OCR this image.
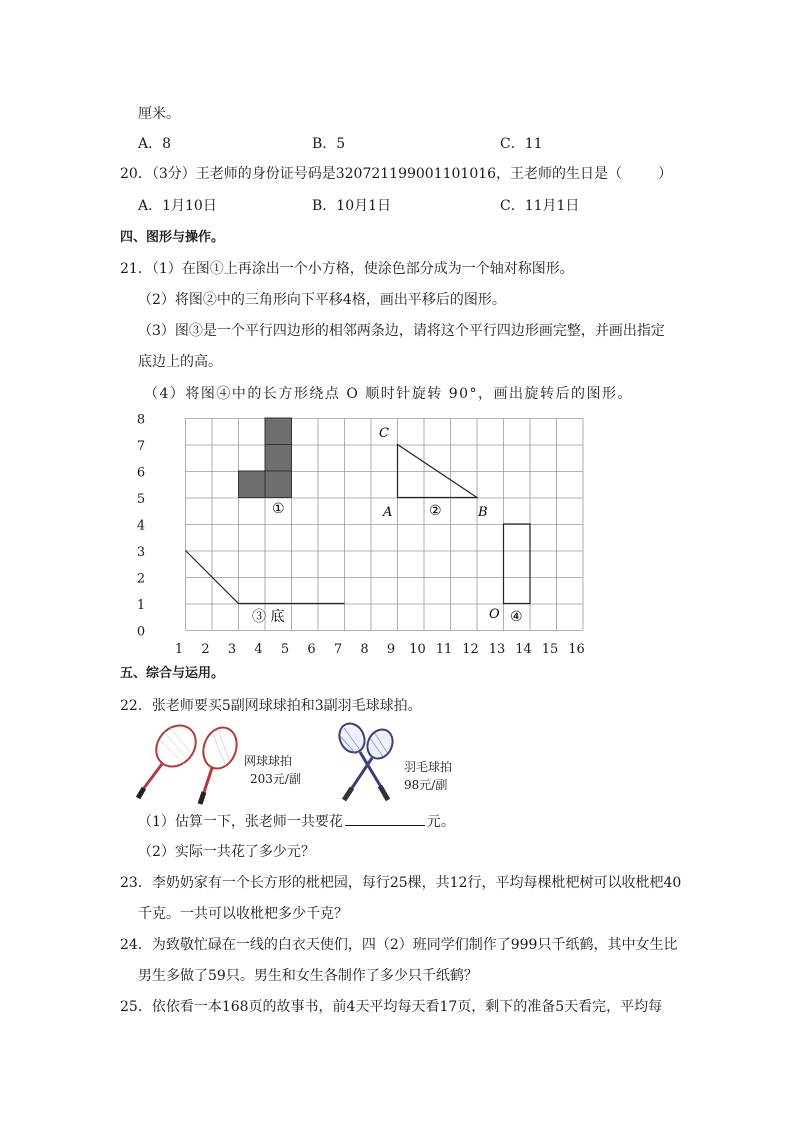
厘米。
A．8	B．5	C．11
20．（3分）王老师的身份证号码是320721199001101016，王老师的生日是（	）
A．1月10日	B．10月1日	C．11月1日
四、图形与操作。
21．（1）在图①上再涂出一个小方格，使涂色部分成为一个轴对称图形。
（2）将图②中的三角形向下平移4格，画出平移后的图形。
（3）图③是一个平行四边形的相邻两条边，请将这个平行四边形画完整，并画出指定
底边上的高。
（4）将图④中的长方形绕点 O 顺时针旋转 90°，画出旋转后的图形。
①	②
③ 底	④
A	B
C
O
1 2 3 4 5 6 7 8 9 10 11 12 13 14 15 16
0
1
2
3
4
5
6
7
8
五、综合与运用。
22．张老师要买5副网球球拍和3副羽毛球球拍。
网球球拍
203元/副
羽毛球拍
98元/副
（1）估算一下，张老师一共要花	元。
（2）实际一共花了多少元？
23．李奶奶家有一个长方形的枇杷园，每行25棵，共12行，平均每棵枇杷树可以收枇杷40
千克。一共可以收枇杷多少千克？
24．为致敬忙碌在一线的白衣天使们，四（2）班同学们制作了999只千纸鹤，其中女生比
男生多做了59只。男生和女生各制作了多少只千纸鹤？
25．依依看一本168页的故事书，前4天平均每天看17页，剩下的准备5天看完，平均每
